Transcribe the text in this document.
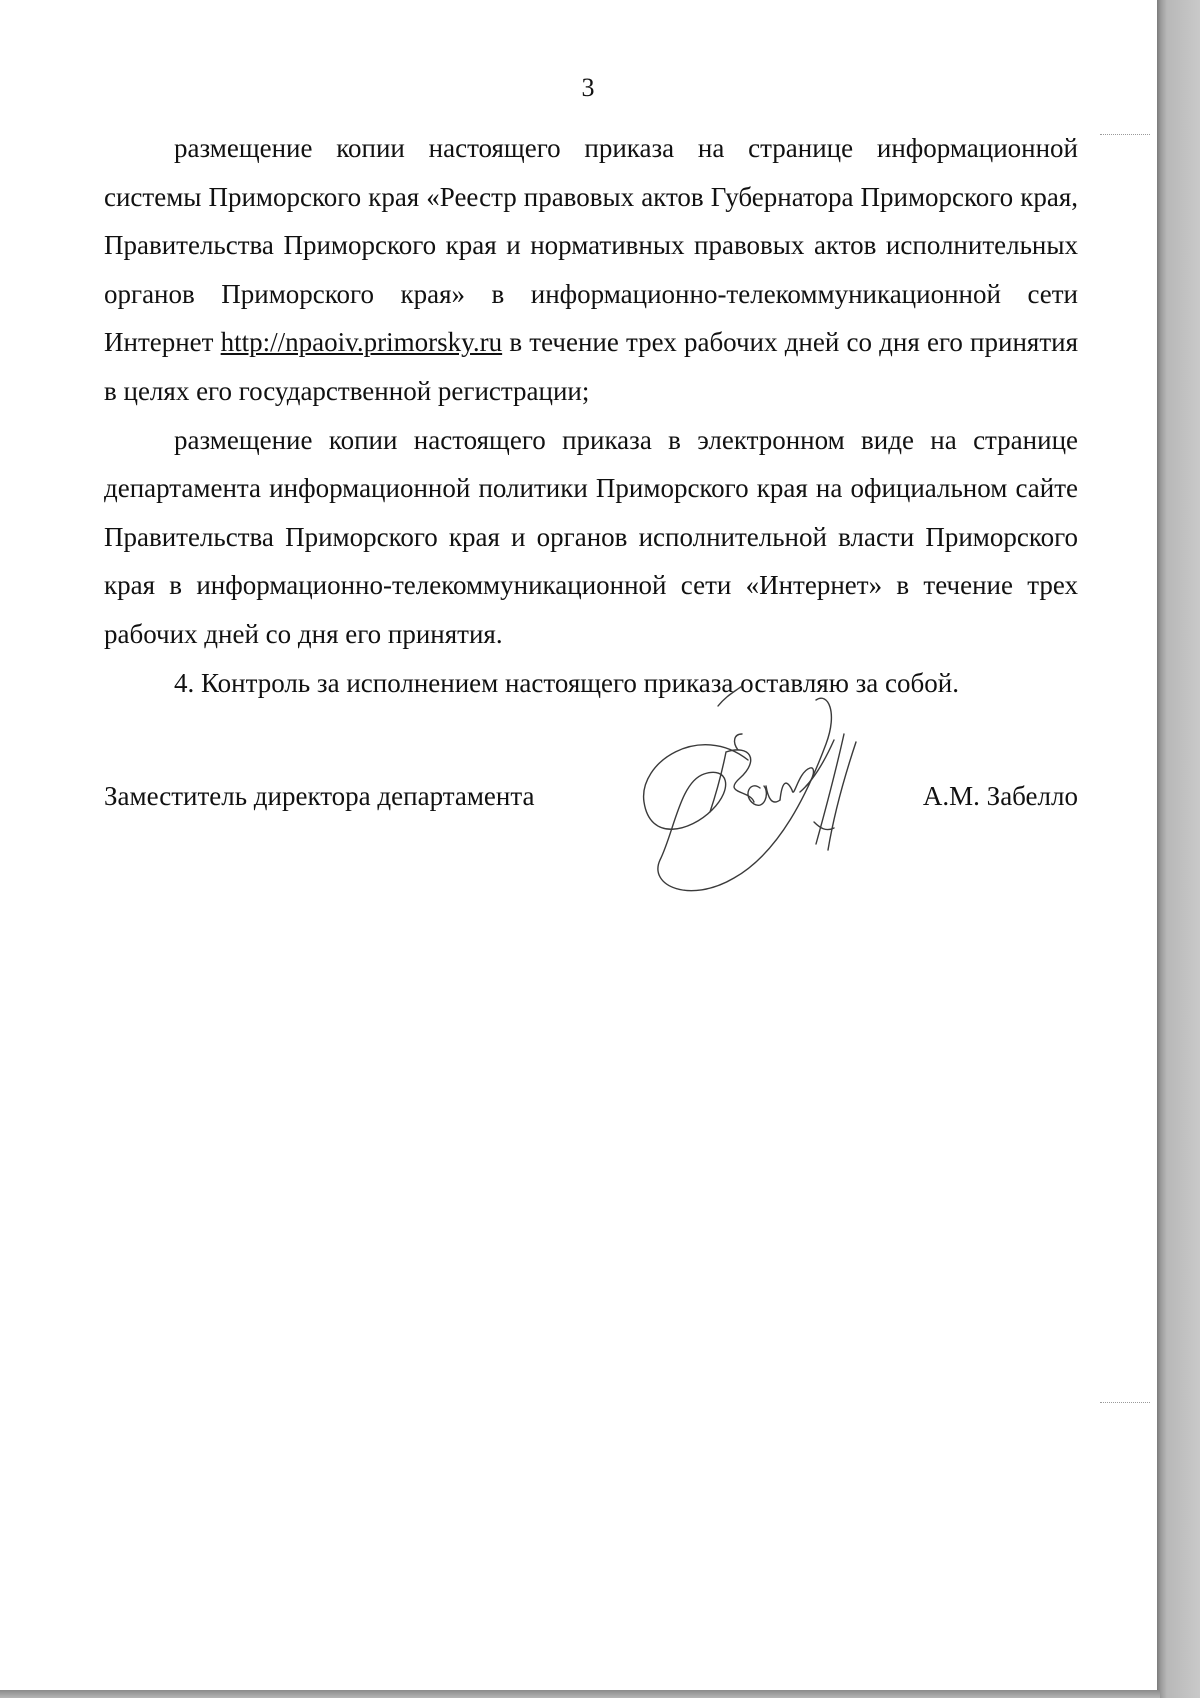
3

размещение копии настоящего приказа на странице информационной системы Приморского края «Реестр правовых актов Губернатора Приморского края, Правительства Приморского края и нормативных правовых актов исполнительных органов Приморского края» в информационно-телекоммуникационной сети Интернет http://npaoiv.primorsky.ru в течение трех рабочих дней со дня его принятия в целях его государственной регистрации;

размещение копии настоящего приказа в электронном виде на странице департамента информационной политики Приморского края на официальном сайте Правительства Приморского края и органов исполнительной власти Приморского края в информационно-телекоммуникационной сети «Интернет» в течение трех рабочих дней со дня его принятия.

4. Контроль за исполнением настоящего приказа оставляю за собой.

Заместитель директора департамента	А.М. Забелло
